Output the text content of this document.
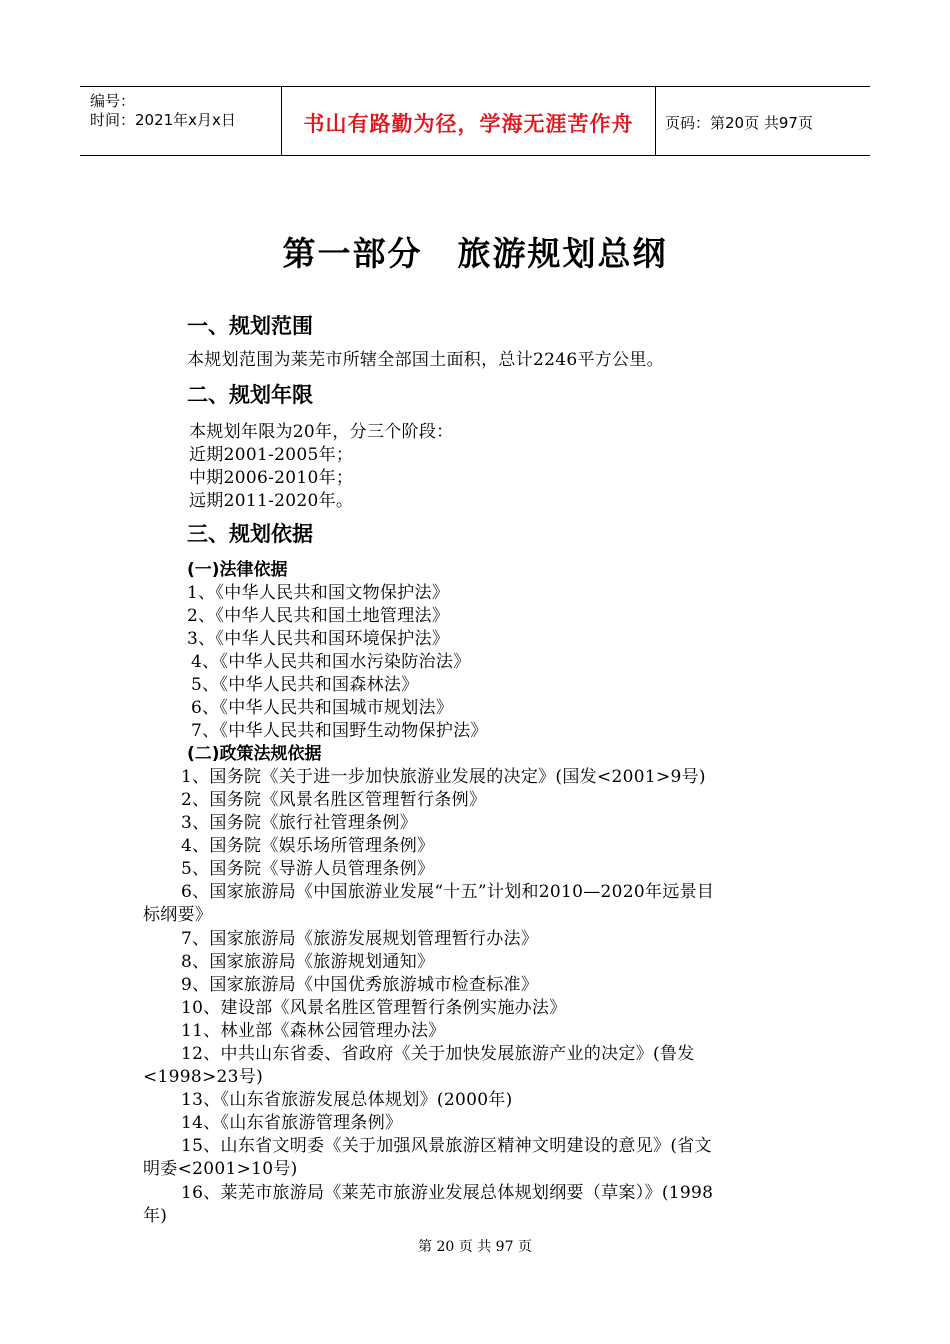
编号：
时间：2021年x月x日	书山有路勤为径，学海无涯苦作舟	页码：第20页 共97页
第一部分　旅游规划总纲
一、规划范围
本规划范围为莱芜市所辖全部国土面积，总计2246平方公里。
二、规划年限
本规划年限为20年，分三个阶段：
近期2001-2005年；
中期2006-2010年；
远期2011-2020年。
三、规划依据
(一)法律依据
1、《中华人民共和国文物保护法》
2、《中华人民共和国土地管理法》
3、《中华人民共和国环境保护法》
4、《中华人民共和国水污染防治法》
5、《中华人民共和国森林法》
6、《中华人民共和国城市规划法》
7、《中华人民共和国野生动物保护法》
(二)政策法规依据
1、国务院《关于进一步加快旅游业发展的决定》(国发<2001>9号)
2、国务院《风景名胜区管理暂行条例》
3、国务院《旅行社管理条例》
4、国务院《娱乐场所管理条例》
5、国务院《导游人员管理条例》
6、国家旅游局《中国旅游业发展“十五”计划和2010—2020年远景目
标纲要》
7、国家旅游局《旅游发展规划管理暂行办法》
8、国家旅游局《旅游规划通知》
9、国家旅游局《中国优秀旅游城市检查标准》
10、建设部《风景名胜区管理暂行条例实施办法》
11、林业部《森林公园管理办法》
12、中共山东省委、省政府《关于加快发展旅游产业的决定》(鲁发
<1998>23号)
13、《山东省旅游发展总体规划》(2000年)
14、《山东省旅游管理条例》
15、山东省文明委《关于加强风景旅游区精神文明建设的意见》(省文
明委<2001>10号)
16、莱芜市旅游局《莱芜市旅游业发展总体规划纲要（草案）》(1998
年)
第 20 页 共 97 页
